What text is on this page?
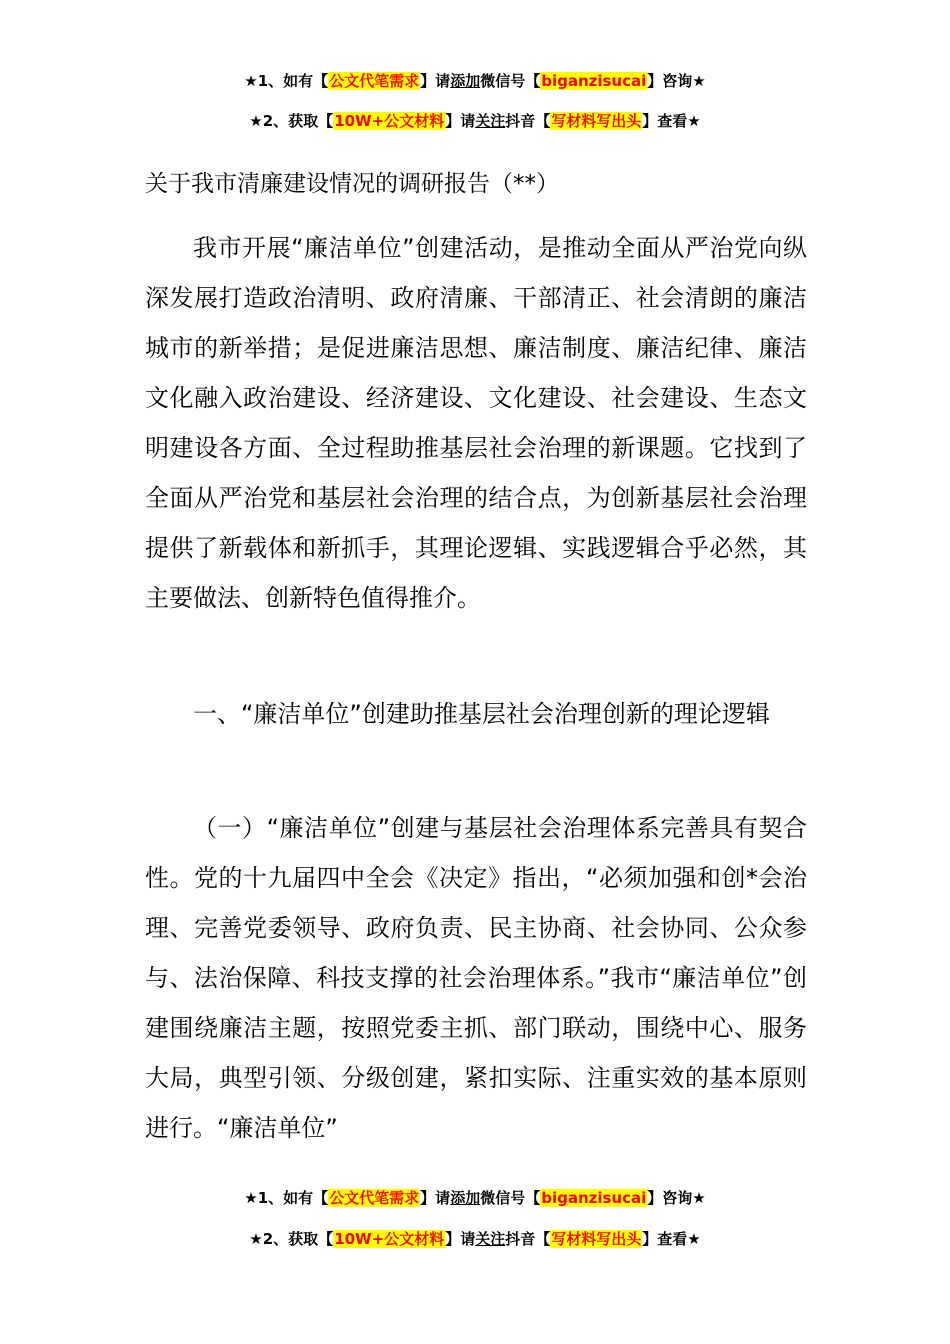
★1、如有【公文代笔需求】请添加微信号【biganzisucai】咨询★
★2、获取【10W+公文材料】请关注抖音【写材料写出头】查看★
关于我市清廉建设情况的调研报告（**）

我市开展“廉洁单位”创建活动，是推动全面从严治党向纵深发展打造政治清明、政府清廉、干部清正、社会清朗的廉洁城市的新举措；是促进廉洁思想、廉洁制度、廉洁纪律、廉洁文化融入政治建设、经济建设、文化建设、社会建设、生态文明建设各方面、全过程助推基层社会治理的新课题。它找到了全面从严治党和基层社会治理的结合点，为创新基层社会治理提供了新载体和新抓手，其理论逻辑、实践逻辑合乎必然，其主要做法、创新特色值得推介。

一、“廉洁单位”创建助推基层社会治理创新的理论逻辑

（一）“廉洁单位”创建与基层社会治理体系完善具有契合性。党的十九届四中全会《决定》指出，“必须加强和创*会治理、完善党委领导、政府负责、民主协商、社会协同、公众参与、法治保障、科技支撑的社会治理体系。”我市“廉洁单位”创建围绕廉洁主题，按照党委主抓、部门联动，围绕中心、服务大局，典型引领、分级创建，紧扣实际、注重实效的基本原则进行。“廉洁单位”

★1、如有【公文代笔需求】请添加微信号【biganzisucai】咨询★
★2、获取【10W+公文材料】请关注抖音【写材料写出头】查看★
